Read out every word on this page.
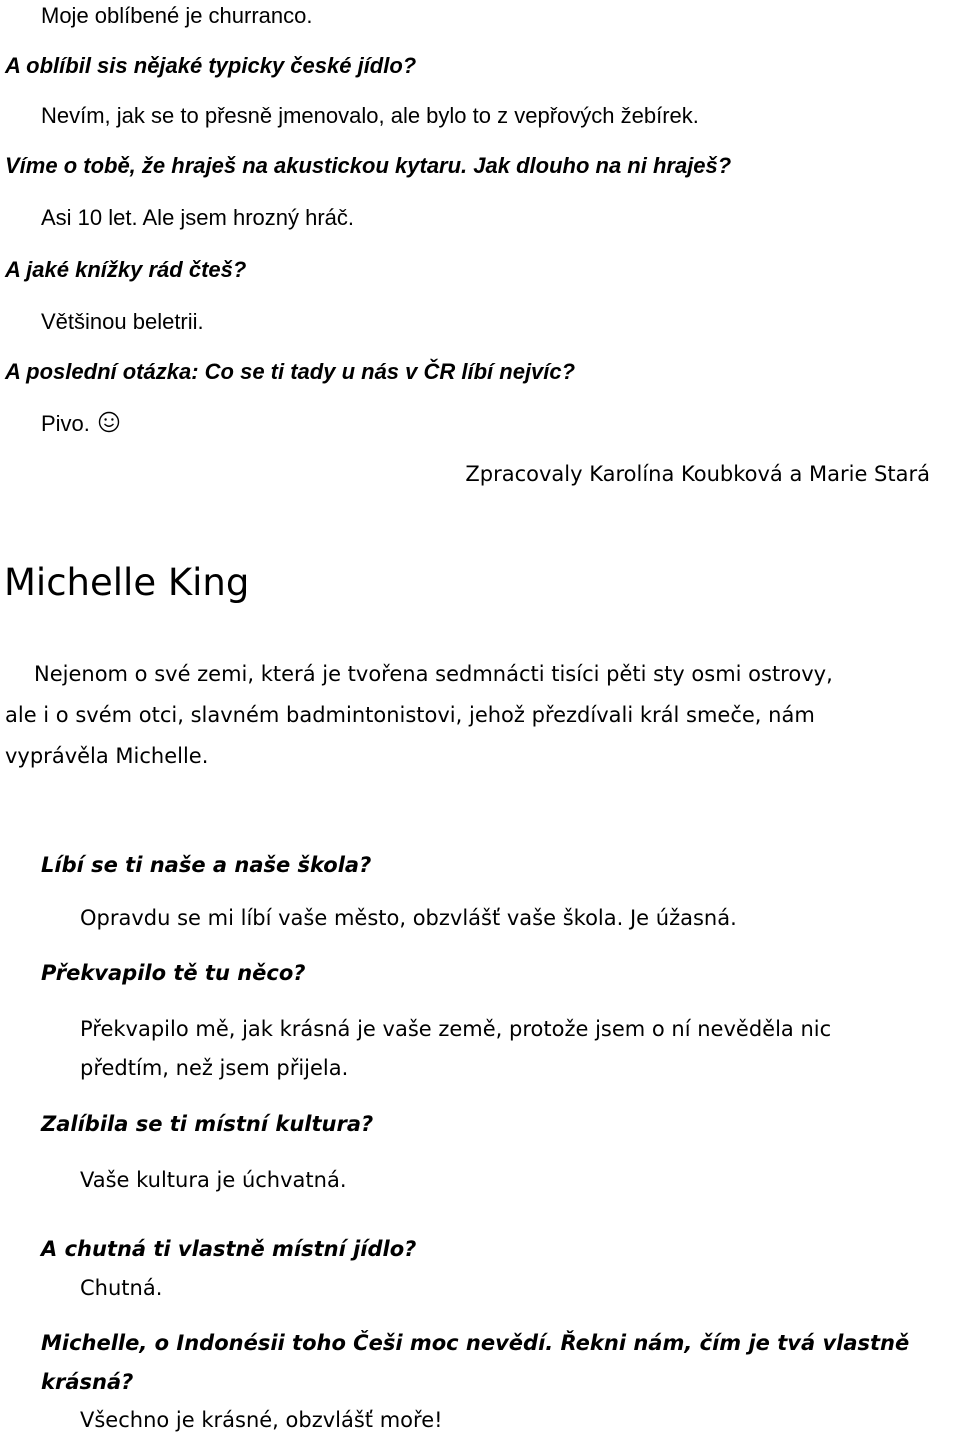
Moje oblíbené je churranco.

A oblíbil sis nějaké typicky české jídlo?

Nevím, jak se to přesně jmenovalo, ale bylo to z vepřových žebírek.

Víme o tobě, že hraješ na akustickou kytaru. Jak dlouho na ni hraješ?

Asi 10 let. Ale jsem hrozný hráč.

A jaké knížky rád čteš?

Většinou beletrii.

A poslední otázka: Co se ti tady u nás v ČR líbí nejvíc?

Pivo.

Zpracovaly Karolína Koubková a Marie Stará

Michelle King

Nejenom o své zemi, která je tvořena sedmnácti tisíci pěti sty osmi ostrovy,

ale i o svém otci, slavném badmintonistovi, jehož přezdívali král smeče, nám

vyprávěla Michelle.

Líbí se ti naše a naše škola?

Opravdu se mi líbí vaše město, obzvlášť vaše škola. Je úžasná.

Překvapilo tě tu něco?

Překvapilo mě, jak krásná je vaše země, protože jsem o ní nevěděla nic

předtím, než jsem přijela.

Zalíbila se ti místní kultura?

Vaše kultura je úchvatná.

A chutná ti vlastně místní jídlo?

Chutná.

Michelle, o Indonésii toho Češi moc nevědí. Řekni nám, čím je tvá vlastně

krásná?

Všechno je krásné, obzvlášť moře!
